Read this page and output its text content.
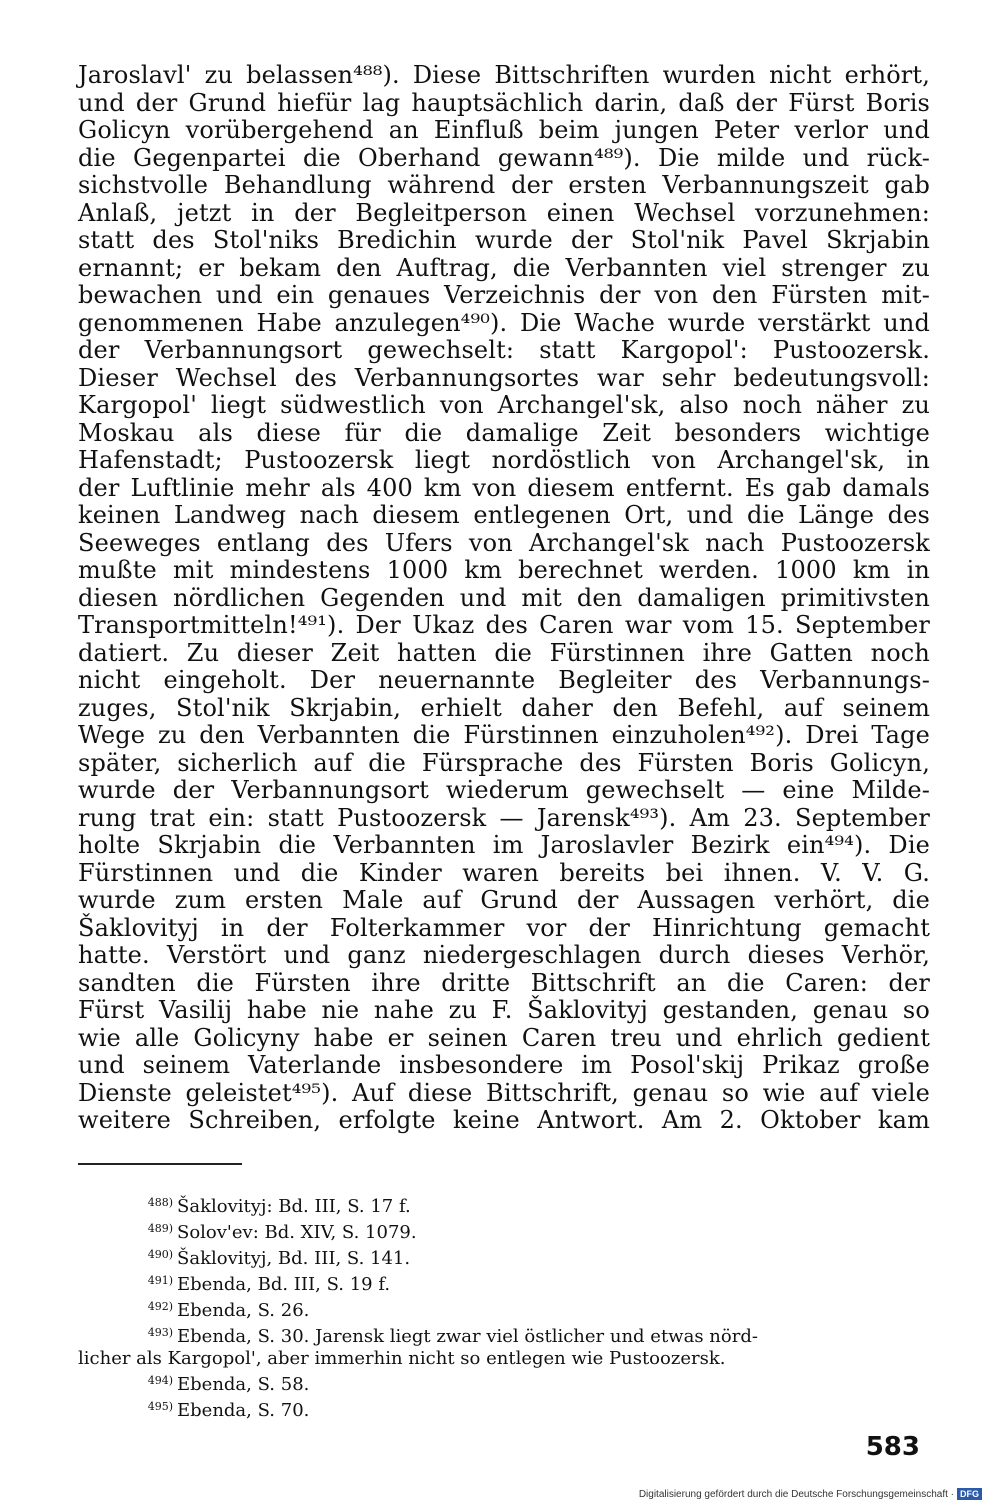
Jaroslavl' zu belassen⁴⁸⁸). Diese Bittschriften wurden nicht erhört,
und der Grund hiefür lag hauptsächlich darin, daß der Fürst Boris
Golicyn vorübergehend an Einfluß beim jungen Peter verlor und
die Gegenpartei die Oberhand gewann⁴⁸⁹). Die milde und rück-
sichstvolle Behandlung während der ersten Verbannungszeit gab
Anlaß, jetzt in der Begleitperson einen Wechsel vorzunehmen:
statt des Stol'niks Bredichin wurde der Stol'nik Pavel Skrjabin
ernannt; er bekam den Auftrag, die Verbannten viel strenger zu
bewachen und ein genaues Verzeichnis der von den Fürsten mit-
genommenen Habe anzulegen⁴⁹⁰). Die Wache wurde verstärkt und
der Verbannungsort gewechselt: statt Kargopol': Pustoozersk.
Dieser Wechsel des Verbannungsortes war sehr bedeutungsvoll:
Kargopol' liegt südwestlich von Archangel'sk, also noch näher zu
Moskau als diese für die damalige Zeit besonders wichtige
Hafenstadt; Pustoozersk liegt nordöstlich von Archangel'sk, in
der Luftlinie mehr als 400 km von diesem entfernt. Es gab damals
keinen Landweg nach diesem entlegenen Ort, und die Länge des
Seeweges entlang des Ufers von Archangel'sk nach Pustoozersk
mußte mit mindestens 1000 km berechnet werden. 1000 km in
diesen nördlichen Gegenden und mit den damaligen primitivsten
Transportmitteln!⁴⁹¹). Der Ukaz des Caren war vom 15. September
datiert. Zu dieser Zeit hatten die Fürstinnen ihre Gatten noch
nicht eingeholt. Der neuernannte Begleiter des Verbannungs-
zuges, Stol'nik Skrjabin, erhielt daher den Befehl, auf seinem
Wege zu den Verbannten die Fürstinnen einzuholen⁴⁹²). Drei Tage
später, sicherlich auf die Fürsprache des Fürsten Boris Golicyn,
wurde der Verbannungsort wiederum gewechselt — eine Milde-
rung trat ein: statt Pustoozersk — Jarensk⁴⁹³). Am 23. September
holte Skrjabin die Verbannten im Jaroslavler Bezirk ein⁴⁹⁴). Die
Fürstinnen und die Kinder waren bereits bei ihnen. V. V. G.
wurde zum ersten Male auf Grund der Aussagen verhört, die
Šaklovityj in der Folterkammer vor der Hinrichtung gemacht
hatte. Verstört und ganz niedergeschlagen durch dieses Verhör,
sandten die Fürsten ihre dritte Bittschrift an die Caren: der
Fürst Vasilij habe nie nahe zu F. Šaklovityj gestanden, genau so
wie alle Golicyny habe er seinen Caren treu und ehrlich gedient
und seinem Vaterlande insbesondere im Posol'skij Prikaz große
Dienste geleistet⁴⁹⁵). Auf diese Bittschrift, genau so wie auf viele
weitere Schreiben, erfolgte keine Antwort. Am 2. Oktober kam
488) Šaklovityj: Bd. III, S. 17 f.
489) Solov'ev: Bd. XIV, S. 1079.
490) Šaklovityj, Bd. III, S. 141.
491) Ebenda, Bd. III, S. 19 f.
492) Ebenda, S. 26.
493) Ebenda, S. 30. Jarensk liegt zwar viel östlicher und etwas nörd-
licher als Kargopol', aber immerhin nicht so entlegen wie Pustoozersk.
494) Ebenda, S. 58.
495) Ebenda, S. 70.
583
Digitalisierung gefördert durch die Deutsche Forschungsgemeinschaft · DFG
